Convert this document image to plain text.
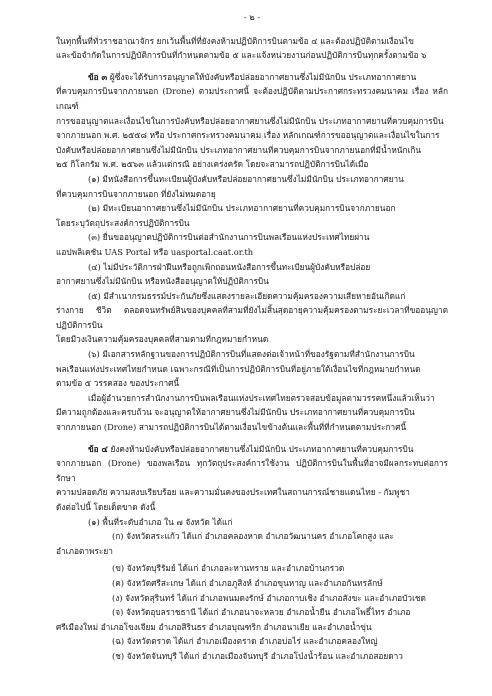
- ๒ -

ในทุกพื้นที่ทั่วราชอาณาจักร ยกเว้นพื้นที่ที่ยังคงห้ามปฏิบัติการบินตามข้อ ๔ และต้องปฏิบัติตามเงื่อนไข

และข้อจำกัดในการปฏิบัติการบินที่กำหนดตามข้อ ๕ และแจ้งหน่วยงานก่อนปฏิบัติการบินทุกครั้งตามข้อ ๖

ข้อ ๓ ผู้ซึ่งจะได้รับการอนุญาตให้บังคับหรือปล่อยอากาศยานซึ่งไม่มีนักบิน ประเภทอากาศยาน

ที่ควบคุมการบินจากภายนอก (Drone) ตามประกาศนี้ จะต้องปฏิบัติตามประกาศกระทรวงคมนาคม เรื่อง หลักเกณฑ์

การขออนุญาตและเงื่อนไขในการบังคับหรือปล่อยอากาศยานซึ่งไม่มีนักบิน ประเภทอากาศยานที่ควบคุมการบิน

จากภายนอก พ.ศ. ๒๕๕๘ หรือ ประกาศกระทรวงคมนาคม เรื่อง หลักเกณฑ์การขออนุญาตและเงื่อนไขในการ

บังคับหรือปล่อยอากาศยานซึ่งไม่มีนักบิน ประเภทอากาศยานที่ควบคุมการบินจากภายนอกที่มีน้ำหนักเกิน

๒๕ กิโลกรัม พ.ศ. ๒๕๖๓ แล้วแต่กรณี อย่างเคร่งครัด โดยจะสามารถปฏิบัติการบินได้เมื่อ

(๑) มีหนังสือการขึ้นทะเบียนผู้บังคับหรือปล่อยอากาศยานซึ่งไม่มีนักบิน ประเภทอากาศยาน

ที่ควบคุมการบินจากภายนอก ที่ยังไม่หมดอายุ

(๒) มีทะเบียนอากาศยานซึ่งไม่มีนักบิน ประเภทอากาศยานที่ควบคุมการบินจากภายนอก

โดยระบุวัตถุประสงค์การปฏิบัติการบิน

(๓) ยื่นขออนุญาตปฏิบัติการบินต่อสำนักงานการบินพลเรือนแห่งประเทศไทยผ่าน

แอปพลิเคชัน UAS Portal หรือ uasportal.caat.or.th

(๔) ไม่มีประวัติการฝ่าฝืนหรือถูกเพิกถอนหนังสือการขึ้นทะเบียนผู้บังคับหรือปล่อย

อากาศยานซึ่งไม่มีนักบิน หรือหนังสืออนุญาตให้ปฏิบัติการบิน

(๕) มีสำเนากรมธรรม์ประกันภัยซึ่งแสดงรายละเอียดความคุ้มครองความเสียหายอันเกิดแก่

ร่างกาย ชีวิต ตลอดจนทรัพย์สินของบุคคลที่สามที่ยังไม่สิ้นสุดอายุความคุ้มครองตามระยะเวลาที่ขออนุญาตปฏิบัติการบิน

โดยมีวงเงินความคุ้มครองบุคคลที่สามตามที่กฎหมายกำหนด

(๖) มีเอกสารหลักฐานของการปฏิบัติการบินที่แสดงต่อเจ้าหน้าที่ของรัฐตามที่สำนักงานการบิน

พลเรือนแห่งประเทศไทยกำหนด เฉพาะกรณีที่เป็นการปฏิบัติการบินที่อยู่ภายใต้เงื่อนไขที่กฎหมายกำหนด

ตามข้อ ๕ วรรคสอง ของประกาศนี้

เมื่อผู้อำนวยการสำนักงานการบินพลเรือนแห่งประเทศไทยตรวจสอบข้อมูลตามวรรคหนึ่งแล้วเห็นว่า

มีความถูกต้องและครบถ้วน จะอนุญาตให้อากาศยานซึ่งไม่มีนักบิน ประเภทอากาศยานที่ควบคุมการบิน

จากภายนอก (Drone) สามารถปฏิบัติการบินได้ตามเงื่อนไขข้างต้นและพื้นที่ที่กำหนดตามประกาศนี้

ข้อ ๔ ยังคงห้ามบังคับหรือปล่อยอากาศยานซึ่งไม่มีนักบิน ประเภทอากาศยานที่ควบคุมการบิน

จากภายนอก (Drone) ของพลเรือน ทุกวัตถุประสงค์การใช้งาน ปฏิบัติการบินในพื้นที่อาจมีผลกระทบต่อการรักษา

ความปลอดภัย ความสงบเรียบร้อย และความมั่นคงของประเทศในสถานการณ์ชายแดนไทย - กัมพูชา

ดังต่อไปนี้ โดยเด็ดขาด ดังนี้

(๑) พื้นที่ระดับอำเภอ ใน ๗ จังหวัด ได้แก่

(ก) จังหวัดสระแก้ว ได้แก่ อำเภอคลองหาด อำเภอวัฒนานคร อำเภอโคกสูง และ

อำเภอตาพระยา

(ข) จังหวัดบุรีรัมย์ ได้แก่ อำเภอละหานทราย และอำเภอบ้านกรวด

(ค) จังหวัดศรีสะเกษ ได้แก่ อำเภอภูสิงห์ อำเภอขุนหาญ และอำเภอกันทรลักษ์

(ง) จังหวัดสุรินทร์ ได้แก่ อำเภอพนมดงรักษ์ อำเภอกาบเชิง อำเภอสังขะ และอำเภอบัวเชด

(จ) จังหวัดอุบลราชธานี ได้แก่ อำเภอนาจะหลวย อำเภอน้ำยืน อำเภอโพธิ์ไทร อำเภอ

ศรีเมืองใหม่ อำเภอโขงเจียม อำเภอสิรินธร อำเภอบุณฑริก อำเภอนาเยีย และอำเภอน้ำขุ่น

(ฉ) จังหวัดตราด ได้แก่ อำเภอเมืองตราด อำเภอบ่อไร่ และอำเภอคลองใหญ่

(ช) จังหวัดจันทบุรี ได้แก่ อำเภอเมืองจันทบุรี อำเภอโป่งน้ำร้อน และอำเภอสอยดาว
